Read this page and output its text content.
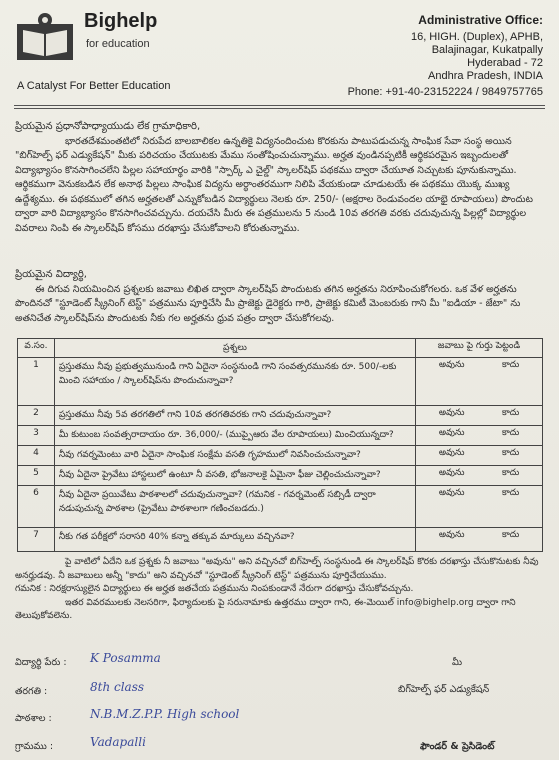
Bighelp
for education
A Catalyst For Better Education
Administrative Office:
16, HIGH. (Duplex), APHB,
Balajinagar, Kukatpally
Hyderabad - 72
Andhra Pradesh, INDIA
Phone: +91-40-23152224 / 9849757765
ప్రియమైన ప్రధానోపాధ్యాయుడు లేక గ్రామాధికారి,
భారతదేశమంతటిలో నిరుపేద బాలబాలికల ఉన్నతికై విద్యనందించుట కొరకును పాటుపడుచున్న సాంఘిక సేవా సంస్థ అయిన "బిగ్‌హెల్ప్ ఫర్ ఎడ్యుకేషన్" మీకు పరిచయం చేయుటకు మేము సంతోషించుచున్నాము. అర్హత వుండినప్పటికీ ఆర్థికపరమైన ఇబ్బందులతో విద్యాభ్యాసం కొనసాగించలేని పిల్లల సహాయార్థం వారికి "స్పార్క్ ఎ చైల్డ్" స్కాలర్‌షిప్ పథకము ద్వారా చేయూత నిచ్చుటకు పూనుకున్నాము. ఆర్థికముగా వెనుకబడిన లేక అనాథ పిల్లలు సాంఘిక విద్యను అర్ధాంతరముగా నిలిపి వేయకుండా చూడుటయే ఈ పథకము యొక్క ముఖ్య ఉద్దేశ్యము. ఈ పథకములో తగిన అర్హతలతో ఎన్నుకోబడిన విద్యార్థులు నెలకు రూ. 250/- (అక్షరాల రెండువందల యాభై రూపాయలు) పొందుట ద్వారా వారి విద్యాభ్యాసం కొనసాగించవచ్చును. దయచేసి మీరు ఈ పత్రములను 5 నుండి 10వ తరగతి వరకు చదువుచున్న పిల్లల్లో విద్యార్థుల వివరాలు నింపి ఈ స్కాలర్‌షిప్ కోసము దరఖాస్తు చేసుకోవాలని కోరుతున్నాము.
ప్రియమైన విద్యార్థి,
ఈ దిగువ నియమించిన ప్రశ్నలకు జవాబు లిఖిత ద్వారా స్కాలర్‌షిప్ పొందుటకు తగిన అర్హతను నిరూపించుకోగలరు. ఒక వేళ అర్హతను పొందినచో "స్టూడెంట్ స్క్రీనింగ్ టెస్ట్" పత్రమును పూర్తిచేసి మీ ప్రాజెక్టు డైరెక్టరు గారి, ప్రాజెక్టు కమిటీ మెంబరుకు గాని మీ "ఐడియా - జేటా" ను అతనిచేత స్కాలర్‌షిప్‌ను పొందుటకు నీకు గల అర్హతను ధ్రువ పత్రం ద్వారా చేసుకోగలవు.
వ.సం.	ప్రశ్నలు	జవాబు పై గుర్తు పెట్టండి
1	ప్రస్తుతము నీవు ప్రభుత్వమునుండి గాని ఏదైనా సంస్థనుండి గాని సంవత్సరమునకు రూ. 500/-లకు మించి సహాయం / స్కాలర్‌షిప్‌ను పొందుచున్నావా?	అవును కాదు

2	ప్రస్తుతము నీవు 5వ తరగతిలో గాని 10వ తరగతివరకు గాని చదువుచున్నావా?	అవును కాదు

3	మీ కుటుంబ సంవత్సరాదాయం రూ. 36,000/- (ముప్పైఆరు వేల రూపాయలు) మించియున్నదా?	అవును కాదు

4	నీవు గవర్నమెంటు వారి ఏదైనా సాంఘిక సంక్షేమ వసతి గృహములో నివసించుచున్నావా?	అవును కాదు

5	నీవు ఏదైనా ప్రైవేటు హాస్టలులో ఉంటూ నీ వసతి, భోజనాలకై ఏమైనా ఫీజు చెల్లించుచున్నావా?	అవును కాదు

6	నీవు ఏదైనా ప్రయివేటు పాఠశాలలో చదువుచున్నావా? (గమనిక - గవర్నమెంట్ సబ్సిడీ ద్వారా నడుపుచున్న పాఠశాల (ప్రైవేటు పాఠశాలగా గణించబడదు.)	అవును కాదు

7	నీకు గత పరీక్షలో సరాసరి 40% కన్నా తక్కువ మార్కులు వచ్చినవా?	అవును కాదు
పై వాటిలో ఏదేని ఒక ప్రశ్నకు నీ జవాబు "అవును" అని వచ్చినచో బిగ్‌హెల్ప్ సంస్థనుండి ఈ స్కాలర్‌షిప్ కొరకు దరఖాస్తు చేసుకొనుటకు నీవు అనర్హుడవు. నీ జవాబులు అన్నీ "కాదు" అని వచ్చినచో "స్టూడెంట్ స్క్రీనింగ్ టెస్ట్" పత్రమును పూర్తిచేయుము.
గమనిక : నిరక్షరాస్యులైన విద్యార్థులు ఈ అర్హత జతచేయ పత్రమును నింపకుండానే నేరుగా దరఖాస్తు చేసుకోవచ్చును.
ఇతర వివరములకు నెలసరిగా, ఫిర్యాదులకు పై సరునామాకు ఉత్తరము ద్వారా గాని, ఈ-మెయిల్ info@bighelp.org ద్వారా గాని తెలుపుకోవలెను.
విద్యార్థి పేరు : K Posamma
తరగతి :	8th class
పాఠశాల :	N.B.M.Z.P.P. High school
గ్రామము :	Vadapalli
మీ
బిగ్‌హెల్ప్ ఫర్ ఎడ్యుకేషన్
ఫౌండర్ & ప్రెసిడెంట్
